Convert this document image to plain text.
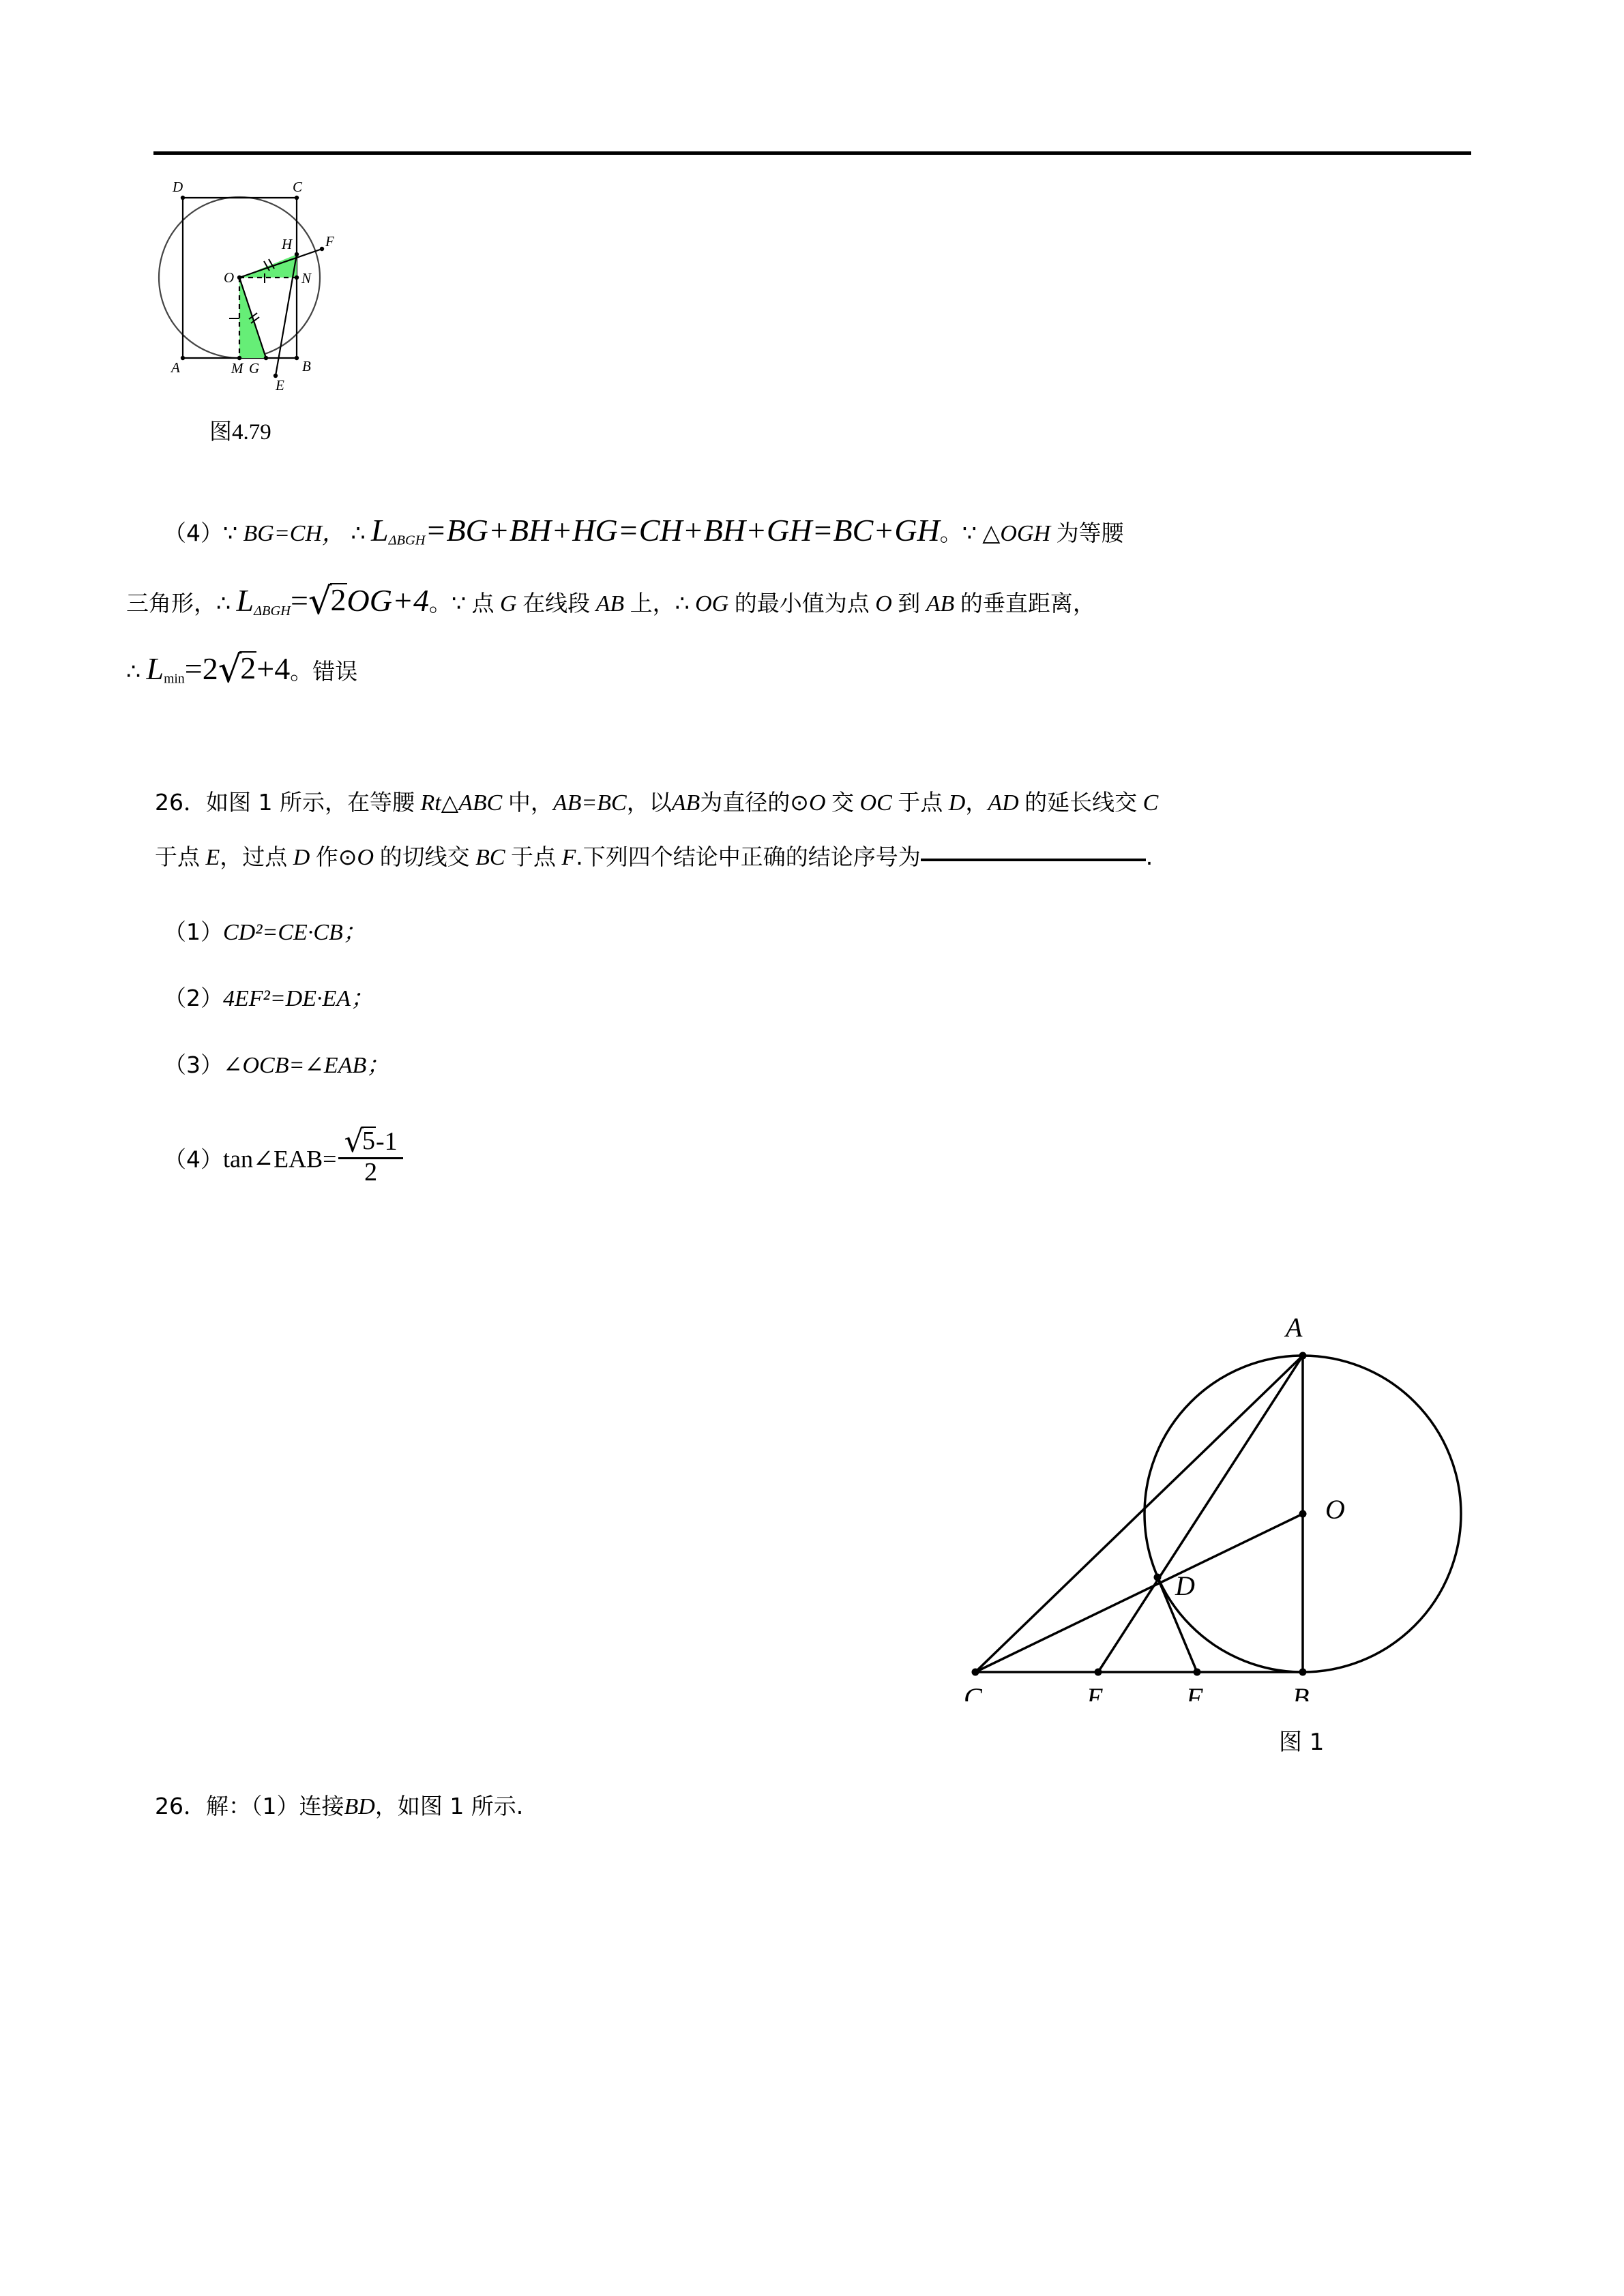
D	C
A	B
O
H F
N
M G
E
图4.79
（4）∵ BG=CH， ∴ $L_{\Delta BGH}=BG+BH+HG=CH+BH+GH=BC+GH$。∵ △OGH 为等腰
三角形，∴ $L_{\Delta BGH}=√2OG+4$。∵ 点 G 在线段 AB 上，∴ OG 的最小值为点 O 到 AB 的垂直距离，
∴ Lmin=2√2+4。错误
26．如图 1 所示，在等腰 Rt△ABC 中，AB=BC，以AB为直径的⊙O 交 OC 于点 D，AD 的延长线交 C
于点 E，过点 D 作⊙O 的切线交 BC 于点 F.下列四个结论中正确的结论序号为	.
（1）CD²=CE·CB；
（2）4EF²=DE·EA；
（3）∠OCB=∠EAB；
（4）tan∠EAB= $\frac{√5-1}{2}$
A
O
D
C	E	F	B
图 1
26．解：（1）连接BD，如图 1 所示.
